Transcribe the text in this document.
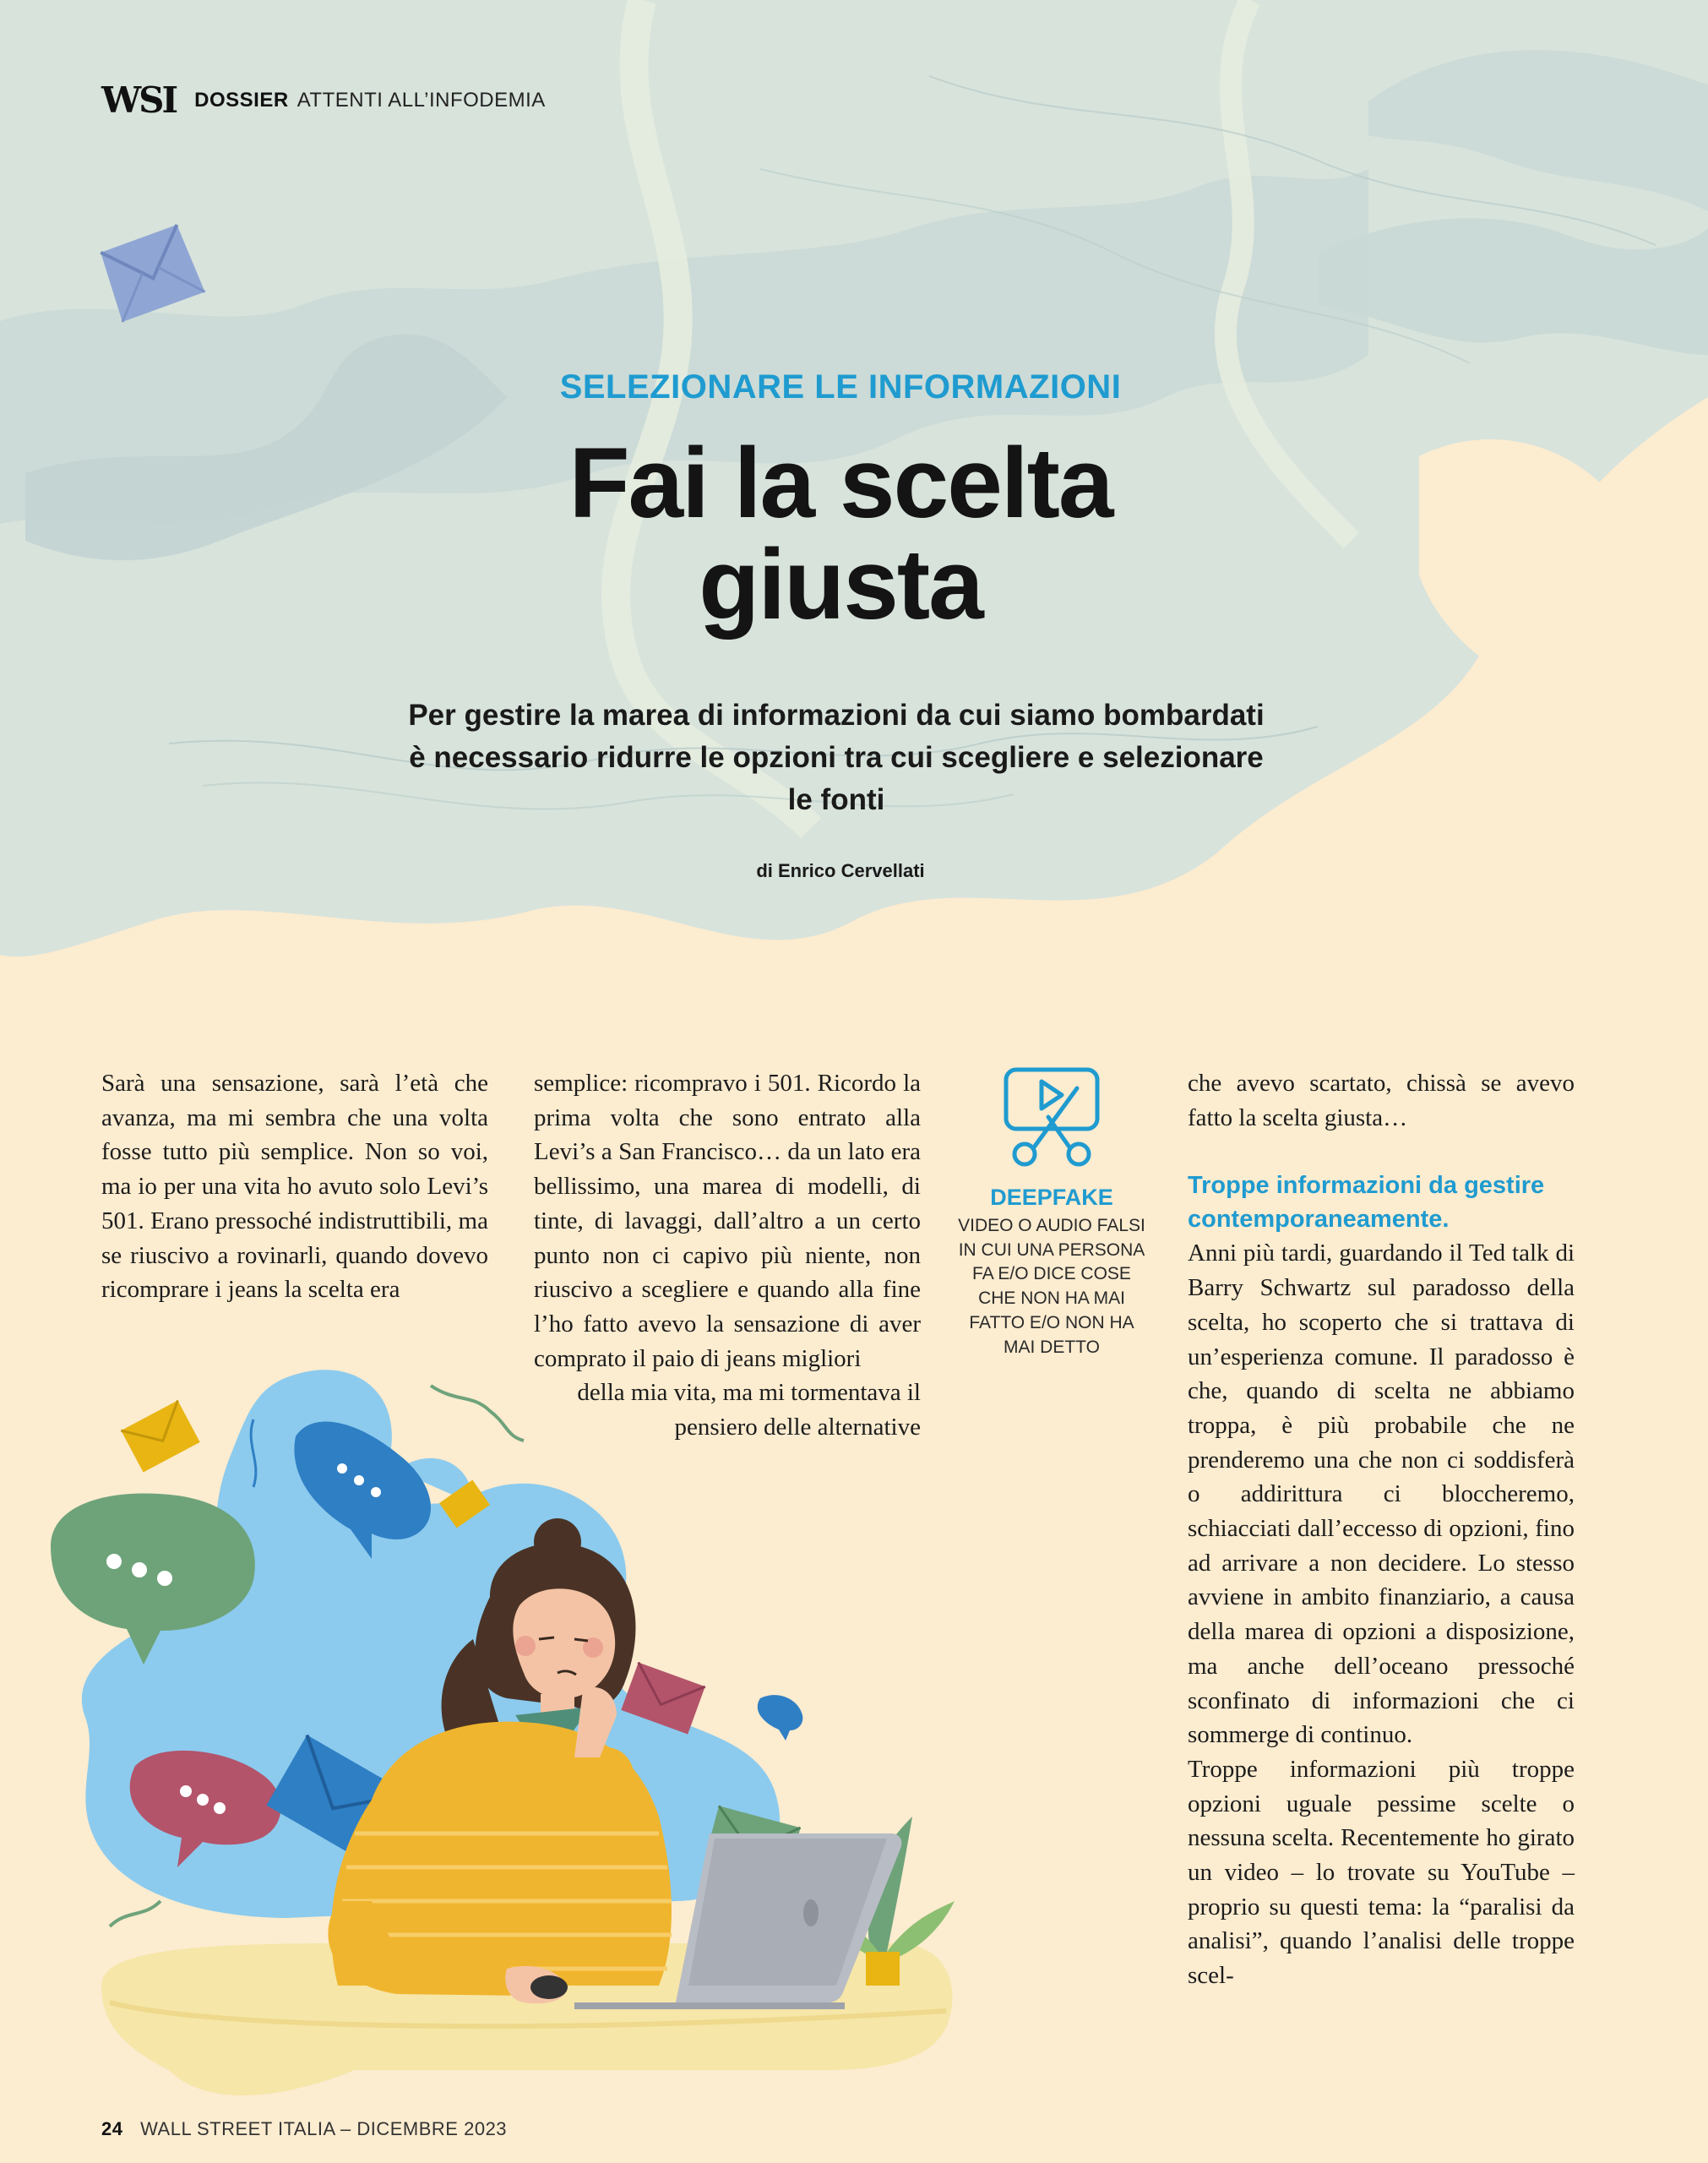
WSI DOSSIER ATTENTI ALL’INFODEMIA
SELEZIONARE LE INFORMAZIONI
Fai la scelta
giusta
Per gestire la marea di informazioni da cui siamo bombardati è necessario ridurre le opzioni tra cui scegliere e selezionare le fonti
di Enrico Cervellati

Sarà una sensazione, sarà l’età che avanza, ma mi sembra che una volta fosse tutto più semplice. Non so voi, ma io per una vita ho avuto solo Levi’s 501. Erano pressoché indistruttibili, ma se riuscivo a rovinarli, quando dovevo ricomprare i jeans la scelta era

semplice: ricompravo i 501. Ricordo la prima volta che sono entrato alla Levi’s a San Francisco… da un lato era bellissimo, una marea di modelli, di tinte, di lavaggi, dall’altro a un certo punto non ci capivo più niente, non riuscivo a scegliere e quando alla fine l’ho fatto avevo la sensazione di aver comprato il paio di jeans migliori

della mia vita, ma mi tormentava il pensiero delle alternative

che avevo scartato, chissà se avevo fatto la scelta giusta…

Troppe informazioni da gestire contemporaneamente.

Anni più tardi, guardando il Ted talk di Barry Schwartz sul paradosso della scelta, ho scoperto che si trattava di un’esperienza comune. Il paradosso è che, quando di scelta ne abbiamo troppa, è più probabile che ne prenderemo una che non ci soddisferà o addirittura ci bloccheremo, schiacciati dall’eccesso di opzioni, fino ad arrivare a non decidere. Lo stesso avviene in ambito finanziario, a causa della marea di opzioni a disposizione, ma anche dell’oceano pressoché sconfinato di informazioni che ci sommerge di continuo.

Troppe informazioni più troppe opzioni uguale pessime scelte o nessuna scelta. Recentemente ho girato un video – lo trovate su YouTube – proprio su questi tema: la “paralisi da analisi”, quando l’analisi delle troppe scel-

DEEPFAKE
VIDEO O AUDIO FALSI IN CUI UNA PERSONA FA E/O DICE COSE CHE NON HA MAI FATTO E/O NON HA MAI DETTO
24 WALL STREET ITALIA – DICEMBRE 2023
